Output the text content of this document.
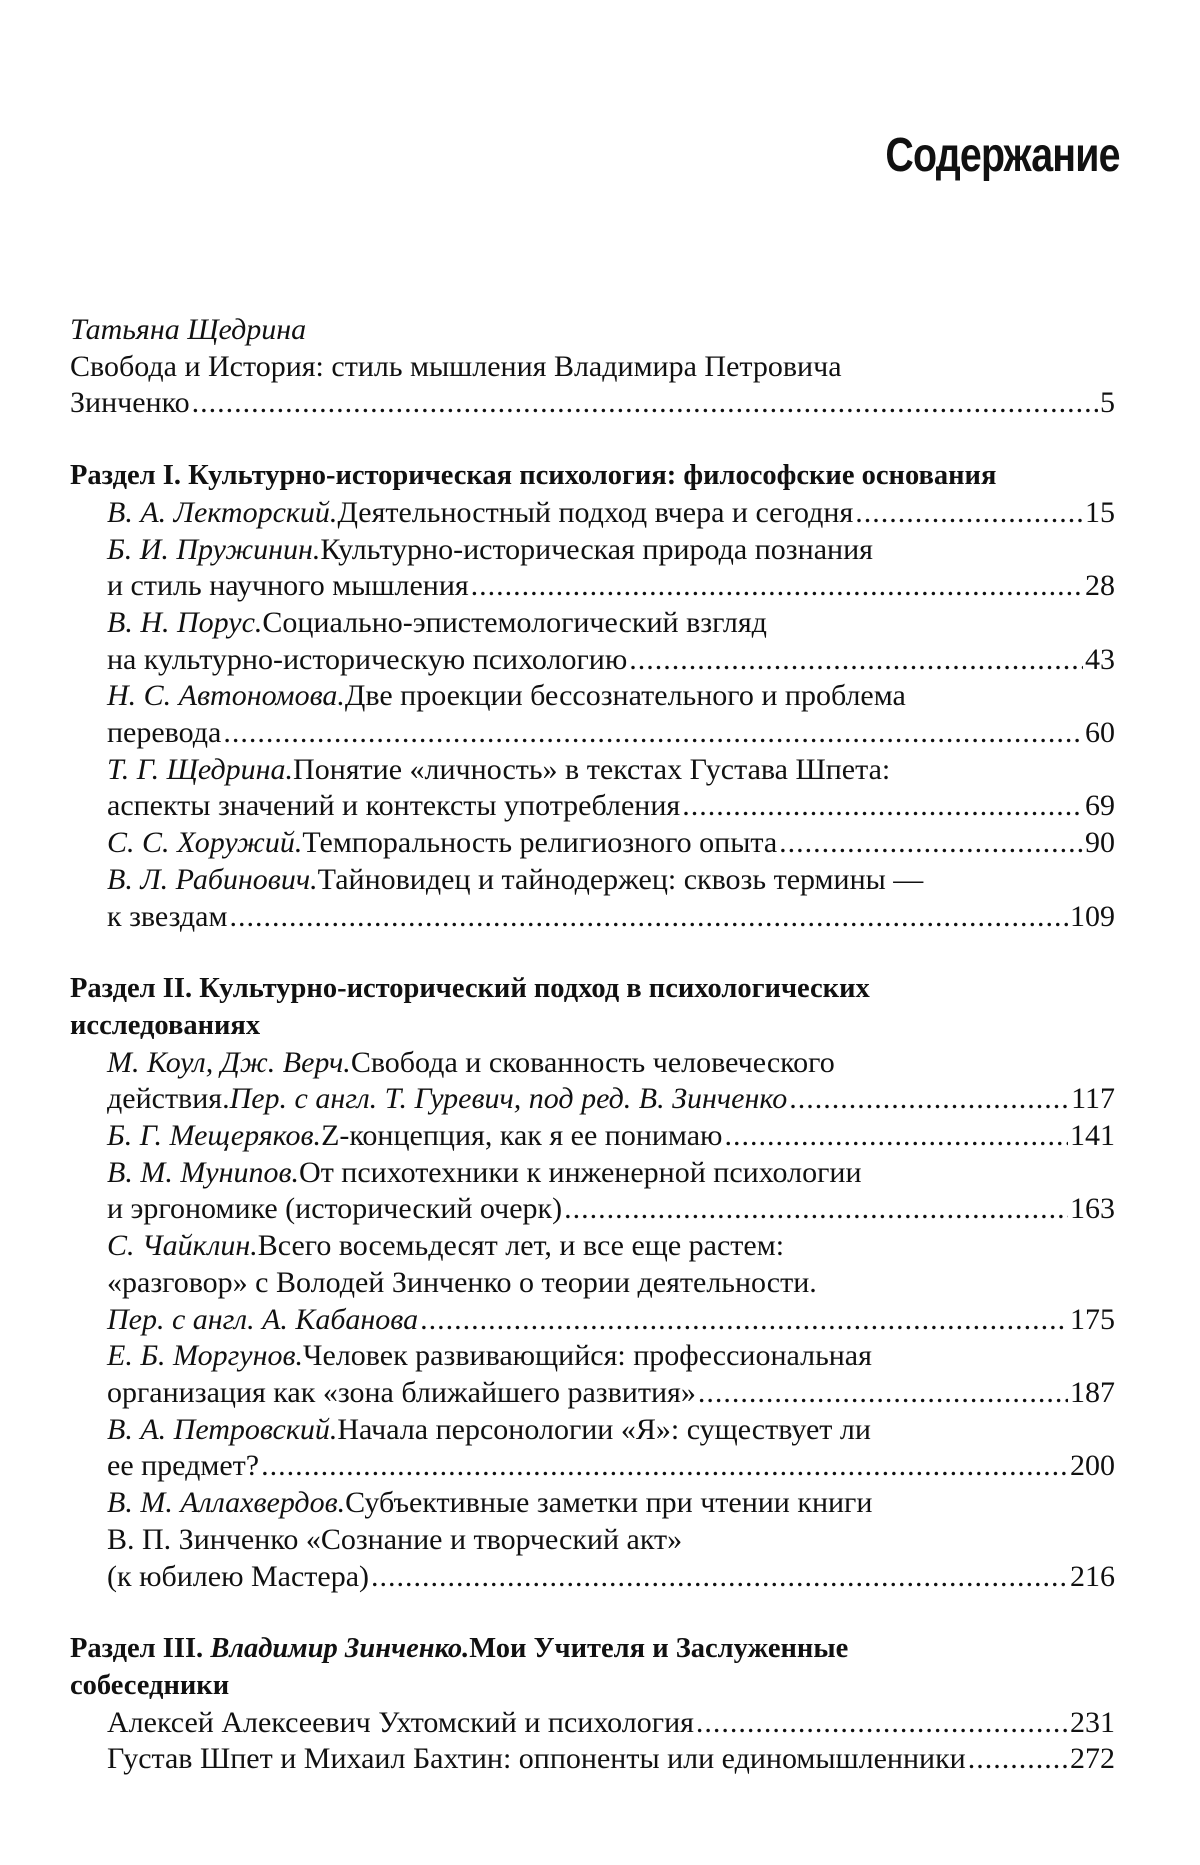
Содержание
Татьяна Щедрина
Свобода и История: стиль мышления Владимира Петровича
Зинченко
.....	5
Раздел I. Культурно-историческая психология: философские основания
В. А. Лекторский. Деятельностный подход вчера и сегодня
.....	15
Б. И. Пружинин. Культурно-историческая природа познания
и стиль научного мышления
.....	28
В. Н. Порус. Социально-эпистемологический взгляд
на культурно-историческую психологию
.....	43
Н. С. Автономова. Две проекции бессознательного и проблема
перевода
.....	60
Т. Г. Щедрина. Понятие «личность» в текстах Густава Шпета:
аспекты значений и контексты употребления
.....	69
С. С. Хоружий. Темпоральность религиозного опыта
.....	90
В. Л. Рабинович. Тайновидец и тайнодержец: сквозь термины —
к звездам
.....	109
Раздел II. Культурно-исторический подход в психологических
исследованиях
М. Коул, Дж. Верч. Свобода и скованность человеческого
действия. Пер. с англ. Т. Гуревич, под ред. В. Зинченко
.....	117
Б. Г. Мещеряков. Z-концепция, как я ее понимаю
.....	141
В. М. Мунипов. От психотехники к инженерной психологии
и эргономике (исторический очерк)
.....	163
С. Чайклин. Всего восемьдесят лет, и все еще растем:
«разговор» с Володей Зинченко о теории деятельности.
Пер. с англ. А. Кабанова
.....	175
Е. Б. Моргунов. Человек развивающийся: профессиональная
организация как «зона ближайшего развития»
.....	187
В. А. Петровский. Начала персонологии «Я»: существует ли
ее предмет?
.....	200
В. М. Аллахвердов. Субъективные заметки при чтении книги
В. П. Зинченко «Сознание и творческий акт»
(к юбилею Мастера)
.....	216
Раздел III.
Владимир Зинченко. Мои Учителя и Заслуженные
собеседники
Алексей Алексеевич Ухтомский и психология
.....	231
Густав Шпет и Михаил Бахтин: оппоненты или единомышленники
.....	272
